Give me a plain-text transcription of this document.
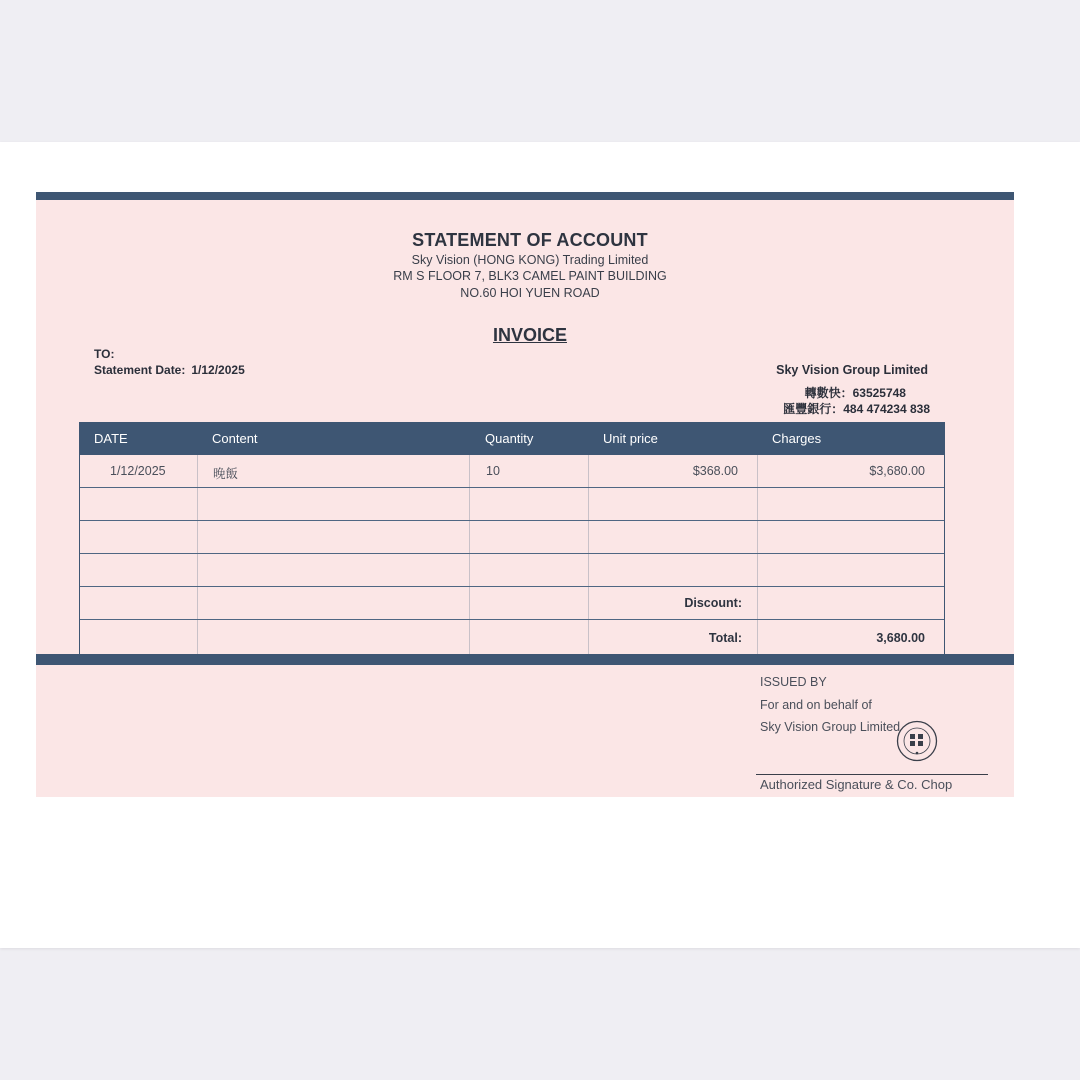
STATEMENT OF ACCOUNT
Sky Vision (HONG KONG) Trading Limited
RM S FLOOR 7, BLK3 CAMEL PAINT BUILDING
NO.60 HOI YUEN ROAD
INVOICE
TO:
Statement Date: 1/12/2025	Sky Vision Group Limited
轉數快：63525748
匯豐銀行：484 474234 838
DATE	Content	Quantity	Unit price	Charges
1/12/2025	晚飯	10	$368.00	$3,680.00
Discount:
Total:	3,680.00
ISSUED BY
For and on behalf of
Sky Vision Group Limited
Authorized Signature & Co. Chop
